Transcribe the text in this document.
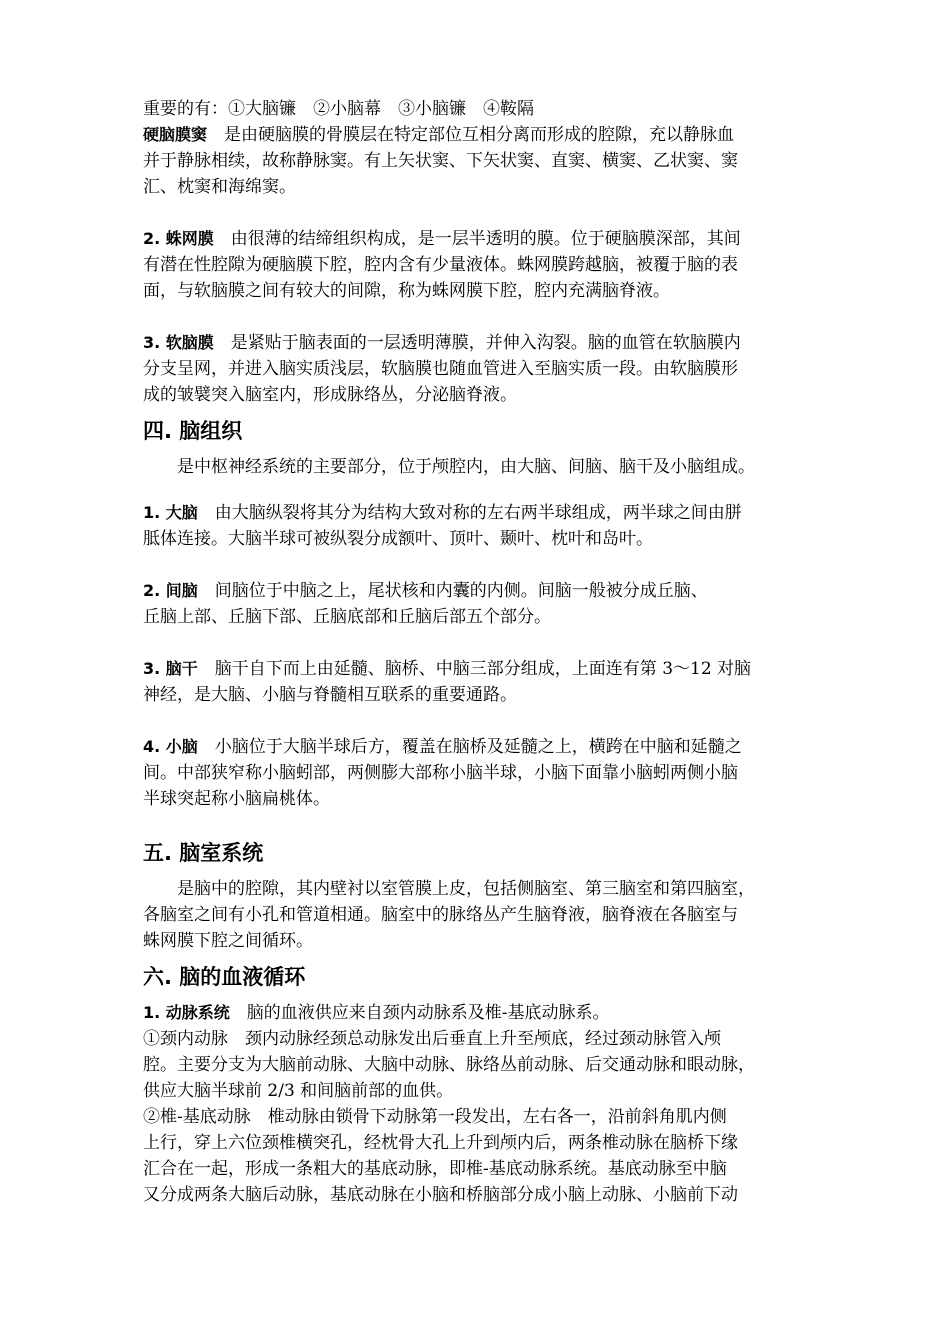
重要的有：①大脑镰　②小脑幕　③小脑镰　④鞍隔
硬脑膜窦　 是由硬脑膜的骨膜层在特定部位互相分离而形成的腔隙，充以静脉血
并于静脉相续，故称静脉窦。有上矢状窦、下矢状窦、直窦、横窦、乙状窦、窦
汇、枕窦和海绵窦。
2. 蛛网膜　 由很薄的结缔组织构成，是一层半透明的膜。位于硬脑膜深部，其间
有潜在性腔隙为硬脑膜下腔，腔内含有少量液体。蛛网膜跨越脑，被覆于脑的表
面，与软脑膜之间有较大的间隙，称为蛛网膜下腔，腔内充满脑脊液。
3. 软脑膜　 是紧贴于脑表面的一层透明薄膜，并伸入沟裂。脑的血管在软脑膜内
分支呈网，并进入脑实质浅层，软脑膜也随血管进入至脑实质一段。由软脑膜形
成的皱襞突入脑室内，形成脉络丛，分泌脑脊液。
四. 脑组织
是中枢神经系统的主要部分，位于颅腔内，由大脑、间脑、脑干及小脑组成。
1. 大脑　 由大脑纵裂将其分为结构大致对称的左右两半球组成，两半球之间由胼
胝体连接。大脑半球可被纵裂分成额叶、顶叶、颞叶、枕叶和岛叶。
2. 间脑　 间脑位于中脑之上，尾状核和内囊的内侧。间脑一般被分成丘脑、
丘脑上部、丘脑下部、丘脑底部和丘脑后部五个部分。
3. 脑干　 脑干自下而上由延髓、脑桥、中脑三部分组成，上面连有第 3～12 对脑
神经，是大脑、小脑与脊髓相互联系的重要通路。
4. 小脑　 小脑位于大脑半球后方，覆盖在脑桥及延髓之上，横跨在中脑和延髓之
间。中部狭窄称小脑蚓部，两侧膨大部称小脑半球，小脑下面靠小脑蚓两侧小脑
半球突起称小脑扁桃体。
五. 脑室系统
是脑中的腔隙，其内壁衬以室管膜上皮，包括侧脑室、第三脑室和第四脑室，
各脑室之间有小孔和管道相通。脑室中的脉络丛产生脑脊液，脑脊液在各脑室与
蛛网膜下腔之间循环。
六. 脑的血液循环
1. 动脉系统　 脑的血液供应来自颈内动脉系及椎-基底动脉系。
①颈内动脉　 颈内动脉经颈总动脉发出后垂直上升至颅底，经过颈动脉管入颅
腔。主要分支为大脑前动脉、大脑中动脉、脉络丛前动脉、后交通动脉和眼动脉，
供应大脑半球前 2/3 和间脑前部的血供。
②椎-基底动脉　 椎动脉由锁骨下动脉第一段发出，左右各一，沿前斜角肌内侧
上行，穿上六位颈椎横突孔，经枕骨大孔上升到颅内后，两条椎动脉在脑桥下缘
汇合在一起，形成一条粗大的基底动脉，即椎-基底动脉系统。基底动脉至中脑
又分成两条大脑后动脉，基底动脉在小脑和桥脑部分成小脑上动脉、小脑前下动
